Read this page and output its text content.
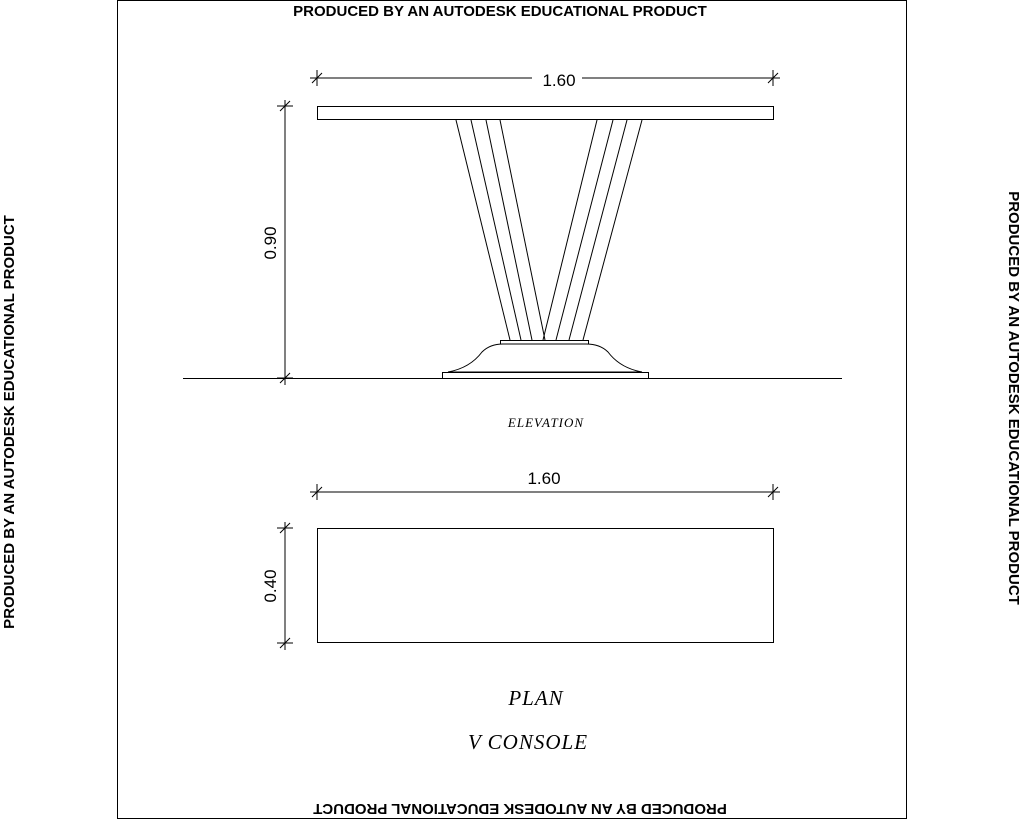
PRODUCED BY AN AUTODESK EDUCATIONAL PRODUCT
PRODUCED BY AN AUTODESK EDUCATIONAL PRODUCT
PRODUCED BY AN AUTODESK EDUCATIONAL PRODUCT	PRODUCED BY AN AUTODESK EDUCATIONAL PRODUCT
1.60
0.90
ELEVATION
1.60
0.40
PLAN
V CONSOLE
